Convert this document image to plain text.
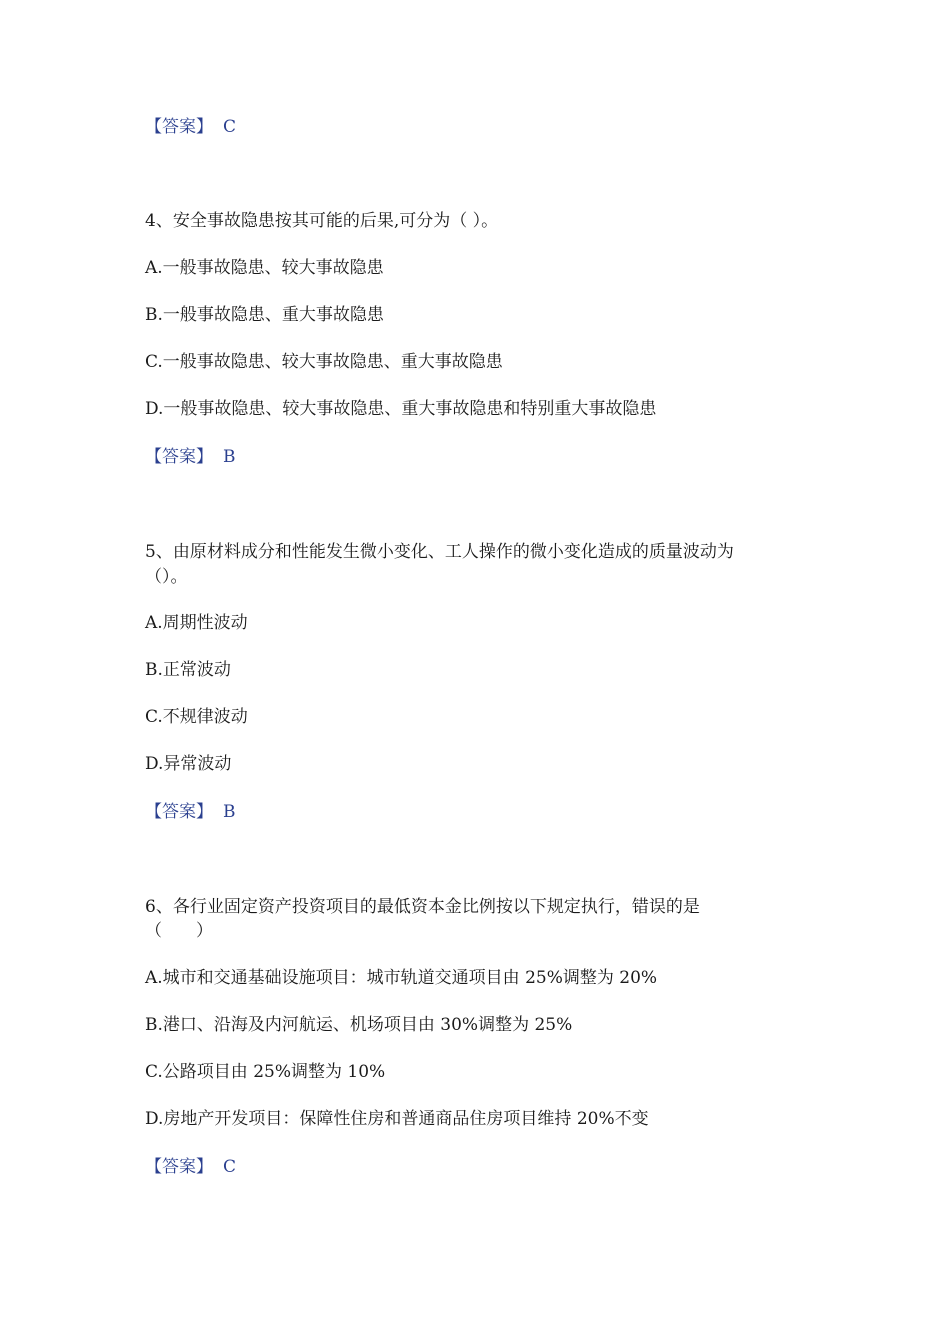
【答案】 C
4、安全事故隐患按其可能的后果,可分为（ ）。
A.一般事故隐患、较大事故隐患
B.一般事故隐患、重大事故隐患
C.一般事故隐患、较大事故隐患、重大事故隐患
D.一般事故隐患、较大事故隐患、重大事故隐患和特别重大事故隐患
【答案】 B
5、由原材料成分和性能发生微小变化、工人操作的微小变化造成的质量波动为
（）。
A.周期性波动
B.正常波动
C.不规律波动
D.异常波动
【答案】 B
6、各行业固定资产投资项目的最低资本金比例按以下规定执行，错误的是
（　　）
A.城市和交通基础设施项目：城市轨道交通项目由 25%调整为 20%
B.港口、沿海及内河航运、机场项目由 30%调整为 25%
C.公路项目由 25%调整为 10%
D.房地产开发项目：保障性住房和普通商品住房项目维持 20%不变
【答案】 C
